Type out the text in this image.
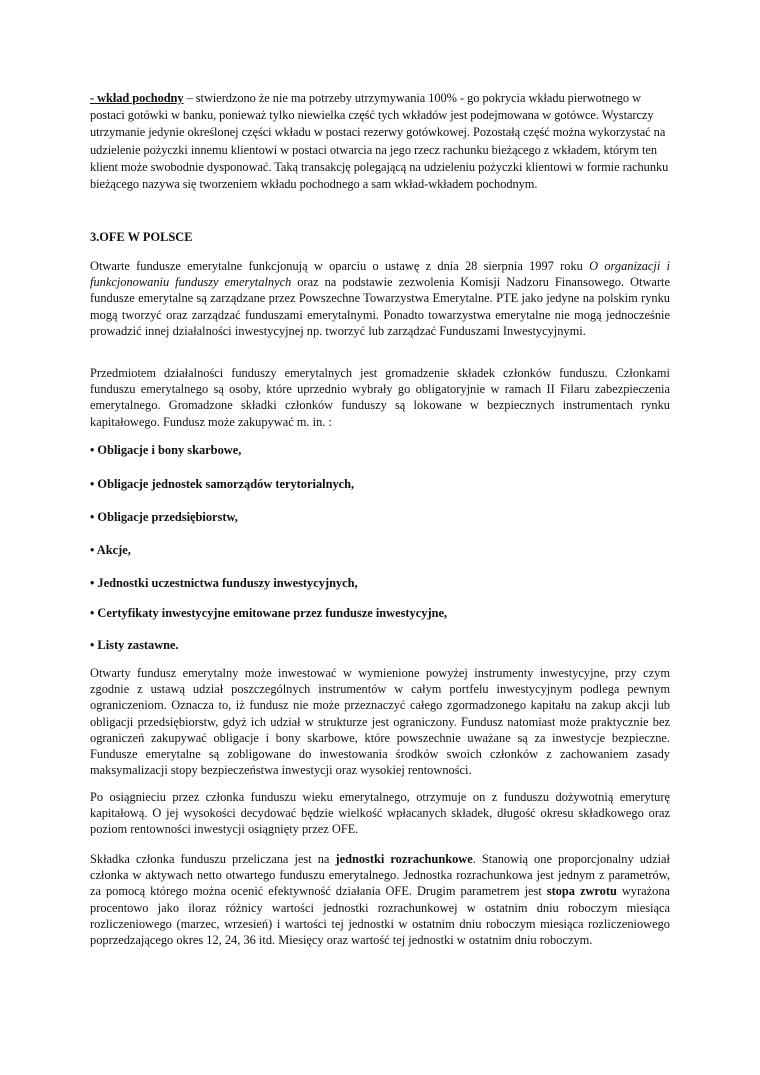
- wkład pochodny – stwierdzono że nie ma potrzeby utrzymywania 100% - go pokrycia wkładu pierwotnego w postaci gotówki w banku, ponieważ tylko niewielka część tych wkładów jest podejmowana w gotówce. Wystarczy utrzymanie jedynie określonej części wkładu w postaci rezerwy gotówkowej. Pozostałą część można wykorzystać na udzielenie pożyczki innemu klientowi w postaci otwarcia na jego rzecz rachunku bieżącego z wkładem, którym ten klient może swobodnie dysponować. Taką transakcję polegającą na udzieleniu pożyczki klientowi w formie rachunku bieżącego nazywa się tworzeniem wkładu pochodnego a sam wkład-wkładem pochodnym.

3.OFE W POLSCE

Otwarte fundusze emerytalne funkcjonują w oparciu o ustawę z dnia 28 sierpnia 1997 roku O organizacji i funkcjonowaniu funduszy emerytalnych oraz na podstawie zezwolenia Komisji Nadzoru Finansowego. Otwarte fundusze emerytalne są zarządzane przez Powszechne Towarzystwa Emerytalne. PTE jako jedyne na polskim rynku mogą tworzyć oraz zarządzać funduszami emerytalnymi. Ponadto towarzystwa emerytalne nie mogą jednocześnie prowadzić innej działalności inwestycyjnej np. tworzyć lub zarządzać Funduszami Inwestycyjnymi.

Przedmiotem działalności funduszy emerytalnych jest gromadzenie składek członków funduszu. Członkami funduszu emerytalnego są osoby, które uprzednio wybrały go obligatoryjnie w ramach II Filaru zabezpieczenia emerytalnego. Gromadzone składki członków funduszy są lokowane w bezpiecznych instrumentach rynku kapitałowego. Fundusz może zakupywać m. in. :

• Obligacje i bony skarbowe,

• Obligacje jednostek samorządów terytorialnych,

• Obligacje przedsiębiorstw,

• Akcje,

• Jednostki uczestnictwa funduszy inwestycyjnych,

• Certyfikaty inwestycyjne emitowane przez fundusze inwestycyjne,

• Listy zastawne.

Otwarty fundusz emerytalny może inwestować w wymienione powyżej instrumenty inwestycyjne, przy czym zgodnie z ustawą udział poszczególnych instrumentów w całym portfelu inwestycyjnym podlega pewnym ograniczeniom. Oznacza to, iż fundusz nie może przeznaczyć całego zgormadzonego kapitału na zakup akcji lub obligacji przedsiębiorstw, gdyż ich udział w strukturze jest ograniczony. Fundusz natomiast może praktycznie bez ograniczeń zakupywać obligacje i bony skarbowe, które powszechnie uważane są za inwestycje bezpieczne. Fundusze emerytalne są zobligowane do inwestowania środków swoich członków z zachowaniem zasady maksymalizacji stopy bezpieczeństwa inwestycji oraz wysokiej rentowności.

Po osiągnieciu przez członka funduszu wieku emerytalnego, otrzymuje on z funduszu dożywotnią emeryturę kapitałową. O jej wysokości decydować będzie wielkość wpłacanych składek, długość okresu składkowego oraz poziom rentowności inwestycji osiągnięty przez OFE.

Składka członka funduszu przeliczana jest na jednostki rozrachunkowe. Stanowią one proporcjonalny udział członka w aktywach netto otwartego funduszu emerytalnego. Jednostka rozrachunkowa jest jednym z parametrów, za pomocą którego można ocenić efektywność działania OFE. Drugim parametrem jest stopa zwrotu wyrażona procentowo jako iloraz różnicy wartości jednostki rozrachunkowej w ostatnim dniu roboczym miesiąca rozliczeniowego (marzec, wrzesień) i wartości tej jednostki w ostatnim dniu roboczym miesiąca rozliczeniowego poprzedzającego okres 12, 24, 36 itd. Miesięcy oraz wartość tej jednostki w ostatnim dniu roboczym.
